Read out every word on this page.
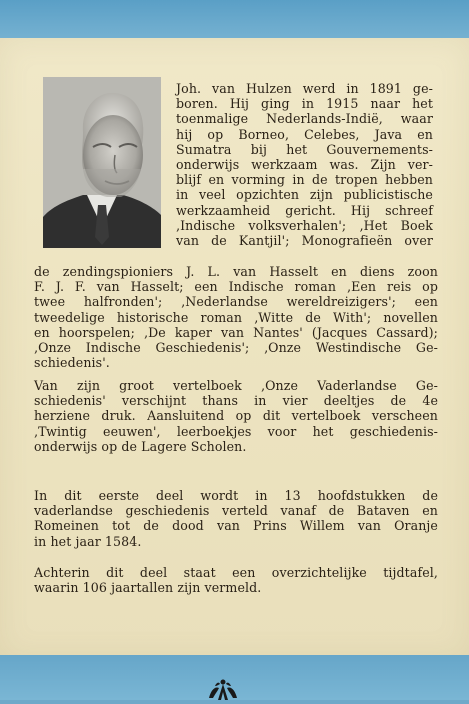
Joh. van Hulzen werd in 1891 ge-
boren. Hij ging in 1915 naar het
toenmalige Nederlands-Indië, waar
hij op Borneo, Celebes, Java en
Sumatra bij het Gouvernements-
onderwijs werkzaam was. Zijn ver-
blijf en vorming in de tropen hebben
in veel opzichten zijn publicistische
werkzaamheid gericht. Hij schreef
‚Indische volksverhalen'; ‚Het Boek
van de Kantjil'; Monografieën over
de zendingspioniers J. L. van Hasselt en diens zoon
F. J. F. van Hasselt; een Indische roman ‚Een reis op
twee halfronden'; ‚Nederlandse wereldreizigers'; een
tweedelige historische roman ‚Witte de With'; novellen
en hoorspelen; ‚De kaper van Nantes' (Jacques Cassard);
‚Onze Indische Geschiedenis'; ‚Onze Westindische Ge-
schiedenis'.
Van zijn groot vertelboek ‚Onze Vaderlandse Ge-
schiedenis' verschijnt thans in vier deeltjes de 4e
herziene druk. Aansluitend op dit vertelboek verscheen
‚Twintig eeuwen', leerboekjes voor het geschiedenis-
onderwijs op de Lagere Scholen.
In dit eerste deel wordt in 13 hoofdstukken de
vaderlandse geschiedenis verteld vanaf de Bataven en
Romeinen tot de dood van Prins Willem van Oranje
in het jaar 1584.
Achterin dit deel staat een overzichtelijke tijdtafel,
waarin 106 jaartallen zijn vermeld.
